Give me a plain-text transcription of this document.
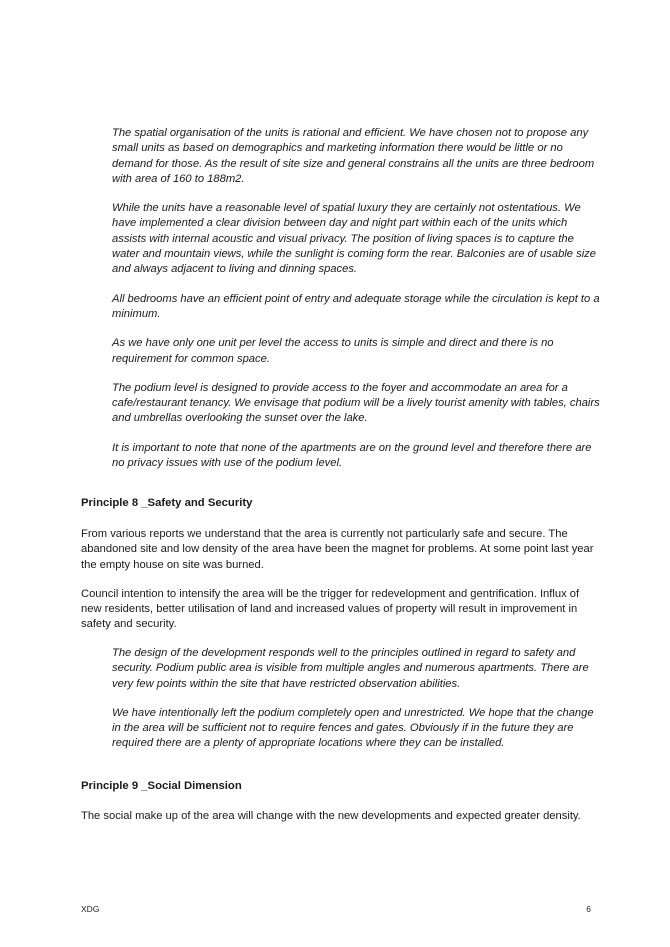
The spatial organisation of the units is rational and efficient. We have chosen not to propose any small units as based on demographics and marketing information there would be little or no demand for those. As the result of site size and general constrains all the units are three bedroom with area of 160 to 188m2.

While the units have a reasonable level of spatial luxury they are certainly not ostentatious. We have implemented a clear division between day and night part within each of the units which assists with internal acoustic and visual privacy. The position of living spaces is to capture the water and mountain views, while the sunlight is coming form the rear. Balconies are of usable size and always adjacent to living and dinning spaces.

All bedrooms have an efficient point of entry and adequate storage while the circulation is kept to a minimum.

As we have only one unit per level the access to units is simple and direct and there is no requirement for common space.

The podium level is designed to provide access to the foyer and accommodate an area for a cafe/restaurant tenancy. We envisage that podium will be a lively tourist amenity with tables, chairs and umbrellas overlooking the sunset over the lake.

It is important to note that none of the apartments are on the ground level and therefore there are no privacy issues with use of the podium level.

Principle 8 _Safety and Security

From various reports we understand that the area is currently not particularly safe and secure. The abandoned site and low density of the area have been the magnet for problems. At some point last year the empty house on site was burned.

Council intention to intensify the area will be the trigger for redevelopment and gentrification. Influx of new residents, better utilisation of land and increased values of property will result in improvement in safety and security.

The design of the development responds well to the principles outlined in regard to safety and security. Podium public area is visible from multiple angles and numerous apartments. There are very few points within the site that have restricted observation abilities.

We have intentionally left the podium completely open and unrestricted. We hope that the change in the area will be sufficient not to require fences and gates. Obviously if in the future they are required there are a plenty of appropriate locations where they can be installed.

Principle 9 _Social Dimension

The social make up of the area will change with the new developments and expected greater density.

XDG	6
